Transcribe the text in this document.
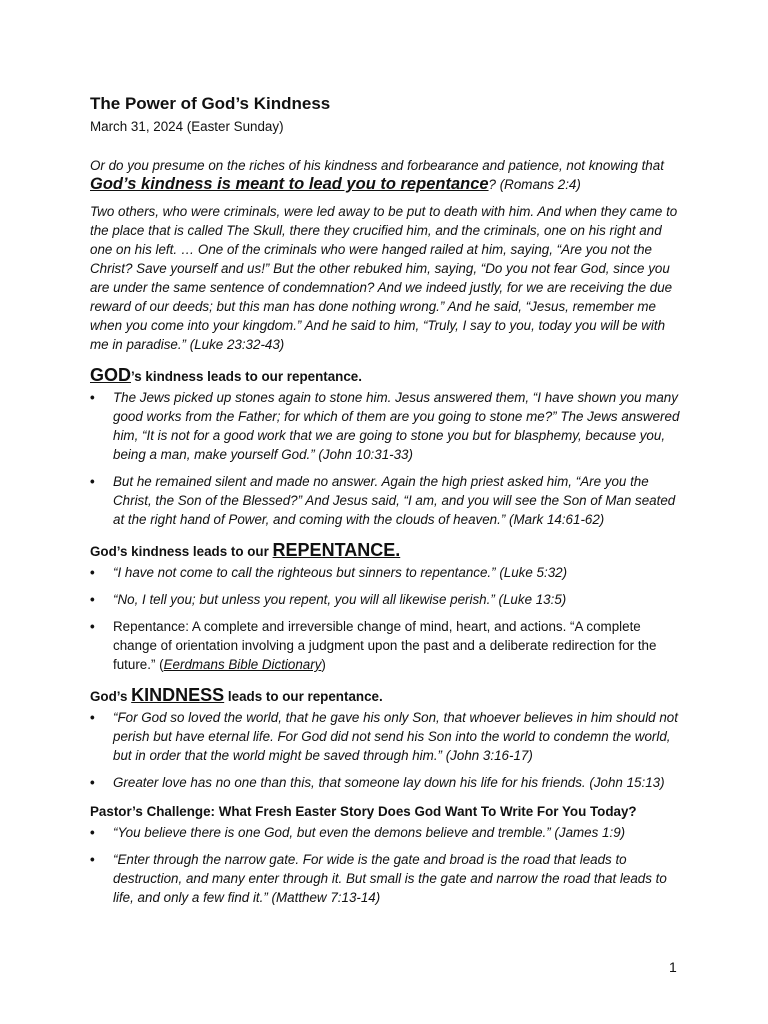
The Power of God’s Kindness

March 31, 2024 (Easter Sunday)

Or do you presume on the riches of his kindness and forbearance and patience, not knowing that God’s kindness is meant to lead you to repentance? (Romans 2:4)

Two others, who were criminals, were led away to be put to death with him. And when they came to the place that is called The Skull, there they crucified him, and the criminals, one on his right and one on his left. … One of the criminals who were hanged railed at him, saying, “Are you not the Christ? Save yourself and us!” But the other rebuked him, saying, “Do you not fear God, since you are under the same sentence of condemnation? And we indeed justly, for we are receiving the due reward of our deeds; but this man has done nothing wrong.” And he said, “Jesus, remember me when you come into your kingdom.” And he said to him, “Truly, I say to you, today you will be with me in paradise.” (Luke 23:32-43)

GOD’s kindness leads to our repentance.

• The Jews picked up stones again to stone him. Jesus answered them, “I have shown you many good works from the Father; for which of them are you going to stone me?” The Jews answered him, “It is not for a good work that we are going to stone you but for blasphemy, because you, being a man, make yourself God.” (John 10:31-33)
• But he remained silent and made no answer. Again the high priest asked him, “Are you the Christ, the Son of the Blessed?” And Jesus said, “I am, and you will see the Son of Man seated at the right hand of Power, and coming with the clouds of heaven.” (Mark 14:61-62)

God’s kindness leads to our REPENTANCE.

• “I have not come to call the righteous but sinners to repentance.” (Luke 5:32)
• “No, I tell you; but unless you repent, you will all likewise perish.” (Luke 13:5)
• Repentance: A complete and irreversible change of mind, heart, and actions. “A complete change of orientation involving a judgment upon the past and a deliberate redirection for the future.” (Eerdmans Bible Dictionary)

God’s KINDNESS leads to our repentance.

• “For God so loved the world, that he gave his only Son, that whoever believes in him should not perish but have eternal life. For God did not send his Son into the world to condemn the world, but in order that the world might be saved through him.” (John 3:16-17)
• Greater love has no one than this, that someone lay down his life for his friends. (John 15:13)

Pastor’s Challenge: What Fresh Easter Story Does God Want To Write For You Today?

• “You believe there is one God, but even the demons believe and tremble.” (James 1:9)
• “Enter through the narrow gate. For wide is the gate and broad is the road that leads to destruction, and many enter through it. But small is the gate and narrow the road that leads to life, and only a few find it.” (Matthew 7:13-14)
1
